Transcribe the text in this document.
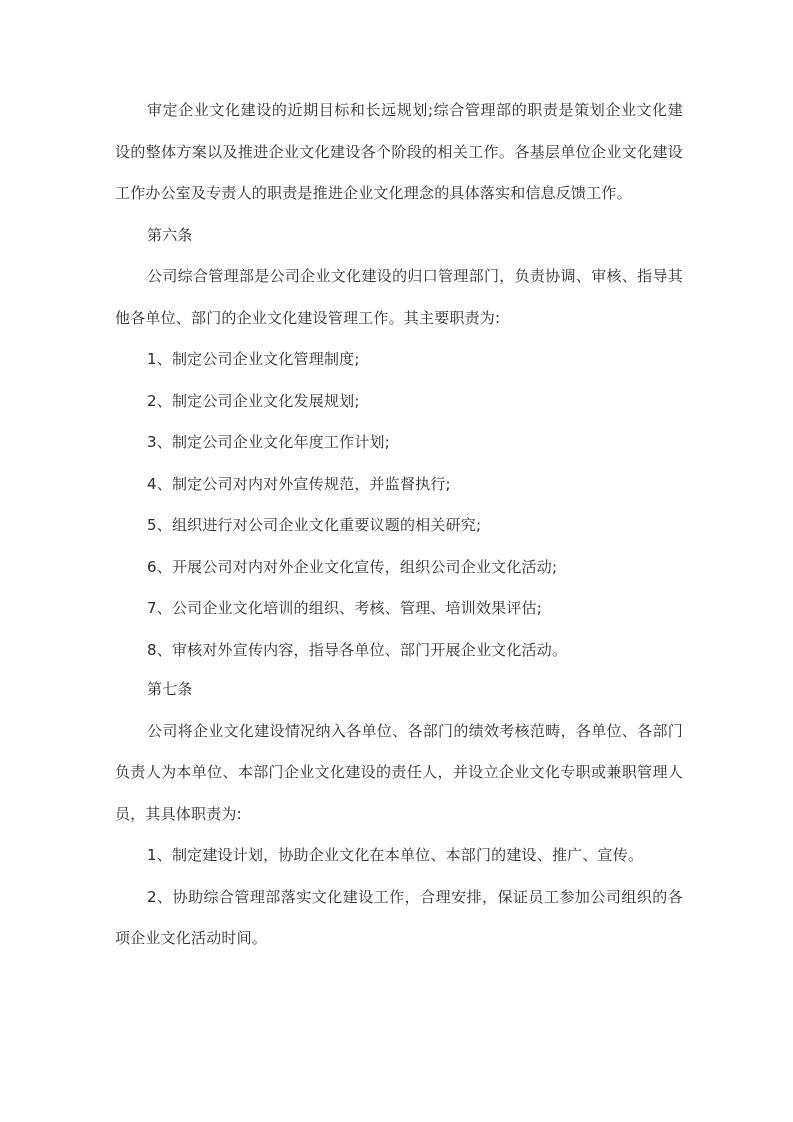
审定企业文化建设的近期目标和长远规划;综合管理部的职责是策划企业文化建设的整体方案以及推进企业文化建设各个阶段的相关工作。各基层单位企业文化建设工作办公室及专责人的职责是推进企业文化理念的具体落实和信息反馈工作。

第六条

公司综合管理部是公司企业文化建设的归口管理部门，负责协调、审核、指导其他各单位、部门的企业文化建设管理工作。其主要职责为:

1、制定公司企业文化管理制度;

2、制定公司企业文化发展规划;

3、制定公司企业文化年度工作计划;

4、制定公司对内对外宣传规范，并监督执行;

5、组织进行对公司企业文化重要议题的相关研究;

6、开展公司对内对外企业文化宣传，组织公司企业文化活动;

7、公司企业文化培训的组织、考核、管理、培训效果评估;

8、审核对外宣传内容，指导各单位、部门开展企业文化活动。

第七条

公司将企业文化建设情况纳入各单位、各部门的绩效考核范畴，各单位、各部门负责人为本单位、本部门企业文化建设的责任人，并设立企业文化专职或兼职管理人员，其具体职责为:

1、制定建设计划，协助企业文化在本单位、本部门的建设、推广、宣传。

2、协助综合管理部落实文化建设工作，合理安排，保证员工参加公司组织的各项企业文化活动时间。
